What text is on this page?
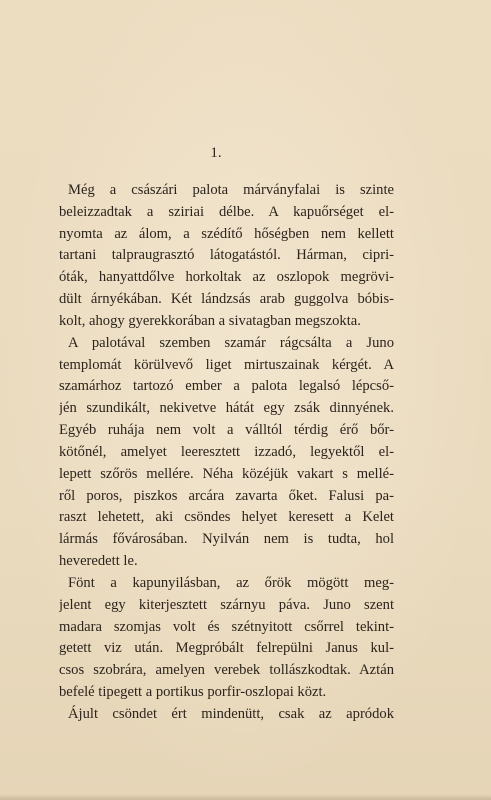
1.
Még a császári palota márványfalai is szinte
beleizzadtak a sziriai délbe. A kapuőrséget el-
nyomta az álom, a szédítő hőségben nem kellett
tartani talpraugrasztó látogatástól. Hárman, cipri-
óták, hanyattdőlve horkoltak az oszlopok megrövi-
dült árnyékában. Két lándzsás arab guggolva bóbis-
kolt, ahogy gyerekkorában a sivatagban megszokta.
A palotával szemben szamár rágcsálta a Juno
templomát körülvevő liget mirtuszainak kérgét. A
szamárhoz tartozó ember a palota legalsó lépcső-
jén szundikált, nekivetve hátát egy zsák dinnyének.
Egyéb ruhája nem volt a válltól térdig érő bőr-
kötőnél, amelyet leeresztett izzadó, legyektől el-
lepett szőrös mellére. Néha közéjük vakart s mellé-
ről poros, piszkos arcára zavarta őket. Falusi pa-
raszt lehetett, aki csöndes helyet keresett a Kelet
lármás fővárosában. Nyilván nem is tudta, hol
heveredett le.
Fönt a kapunyilásban, az őrök mögött meg-
jelent egy kiterjesztett szárnyu páva. Juno szent
madara szomjas volt és szétnyitott csőrrel tekint-
getett viz után. Megpróbált felrepülni Janus kul-
csos szobrára, amelyen verebek tollászkodtak. Aztán
befelé tipegett a portikus porfir-oszlopai közt.
Ájult csöndet ért mindenütt, csak az apródok
